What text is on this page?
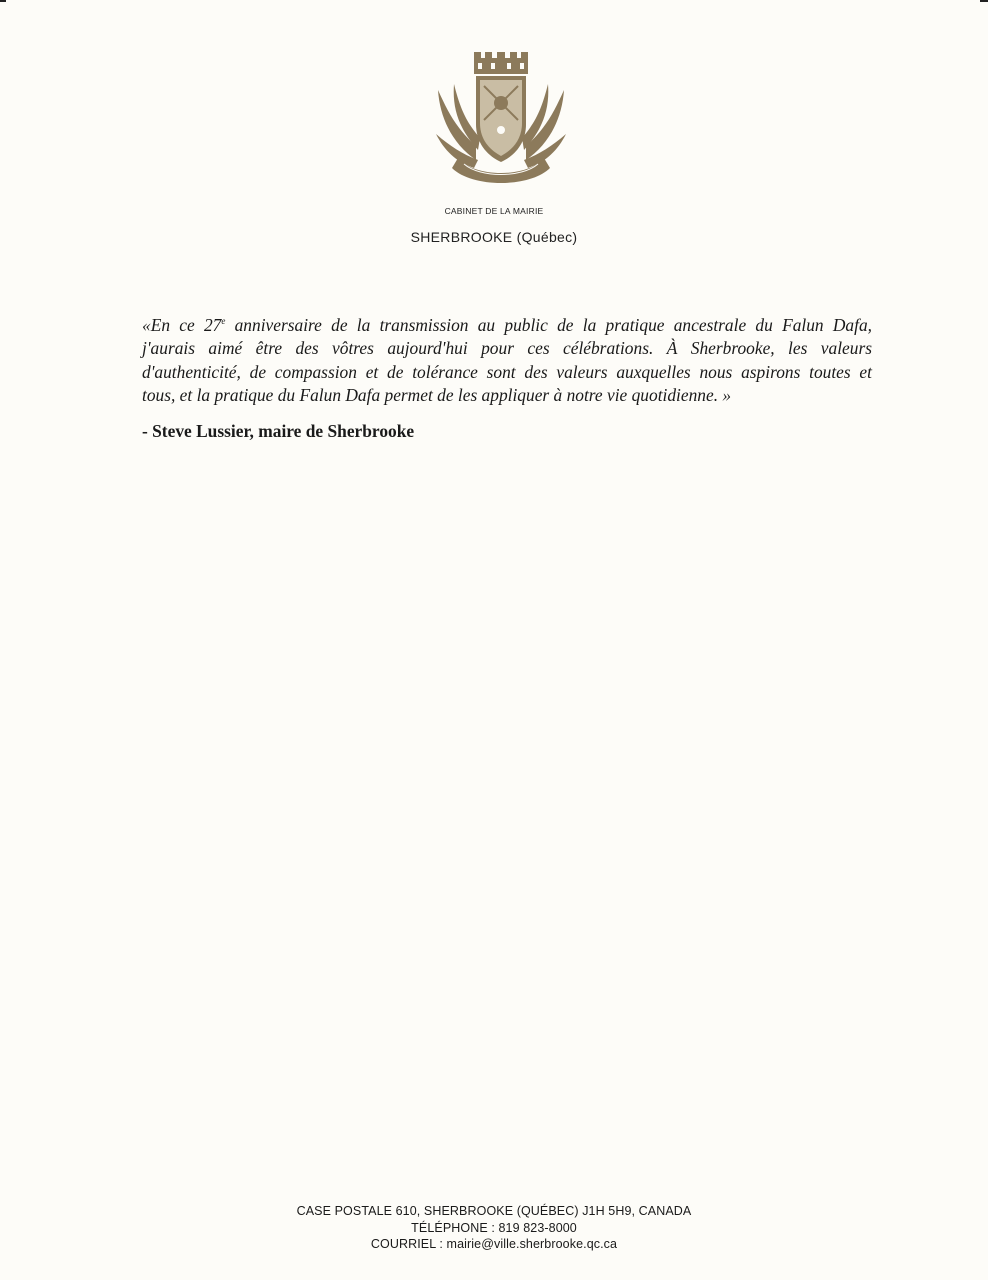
CABINET DE LA MAIRIE
SHERBROOKE (Québec)
«En ce 27e anniversaire de la transmission au public de la pratique ancestrale du Falun Dafa,
j'aurais aimé être des vôtres aujourd'hui pour ces célébrations. À Sherbrooke, les valeurs
d'authenticité, de compassion et de tolérance sont des valeurs auxquelles nous aspirons toutes et
tous, et la pratique du Falun Dafa permet de les appliquer à notre vie quotidienne. »
- Steve Lussier, maire de Sherbrooke
CASE POSTALE 610, SHERBROOKE (QUÉBEC) J1H 5H9, CANADA
TÉLÉPHONE : 819 823-8000
COURRIEL : mairie@ville.sherbrooke.qc.ca
